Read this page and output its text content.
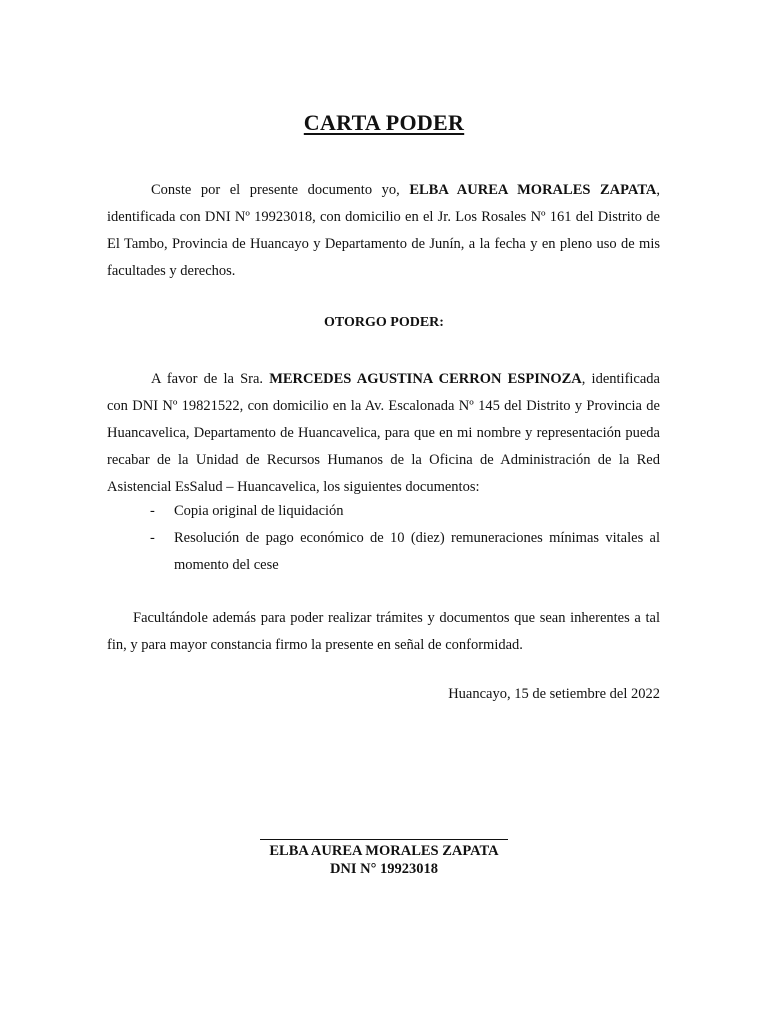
CARTA PODER
Conste por el presente documento yo, ELBA AUREA MORALES ZAPATA, identificada con DNI Nº 19923018, con domicilio en el Jr. Los Rosales Nº 161 del Distrito de El Tambo, Provincia de Huancayo y Departamento de Junín, a la fecha y en pleno uso de mis facultades y derechos.
OTORGO PODER:
A favor de la Sra. MERCEDES AGUSTINA CERRON ESPINOZA, identificada con DNI Nº 19821522, con domicilio en la Av. Escalonada Nº 145 del Distrito y Provincia de Huancavelica, Departamento de Huancavelica, para que en mi nombre y representación pueda recabar de la Unidad de Recursos Humanos de la Oficina de Administración de la Red Asistencial EsSalud – Huancavelica, los siguientes documentos:
- Copia original de liquidación
- Resolución de pago económico de 10 (diez) remuneraciones mínimas vitales al momento del cese
Facultándole además para poder realizar trámites y documentos que sean inherentes a tal fin, y para mayor constancia firmo la presente en señal de conformidad.
Huancayo, 15 de setiembre del 2022
ELBA AUREA MORALES ZAPATA
DNI N° 19923018
